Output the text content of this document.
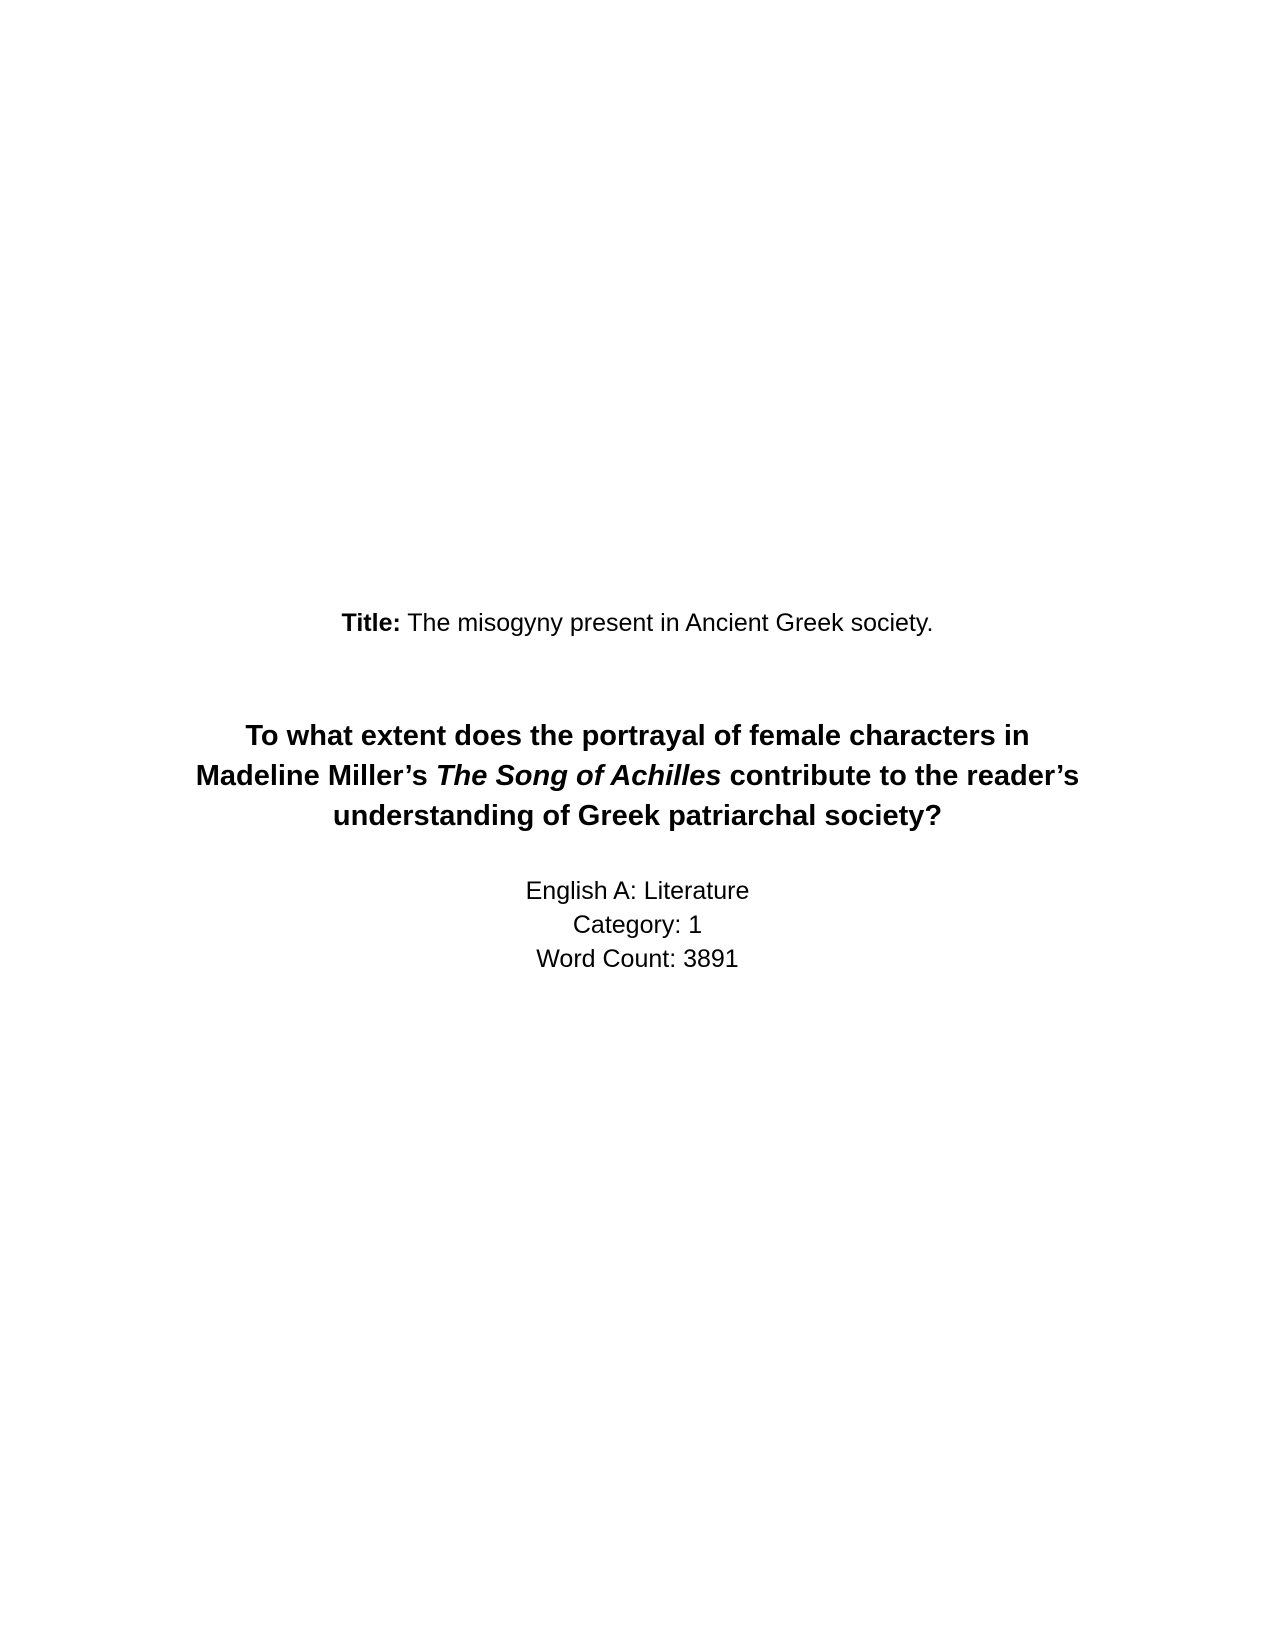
Title: The misogyny present in Ancient Greek society.

To what extent does the portrayal of female characters in
Madeline Miller’s The Song of Achilles contribute to the reader’s
understanding of Greek patriarchal society?

English A: Literature

Category: 1

Word Count: 3891
